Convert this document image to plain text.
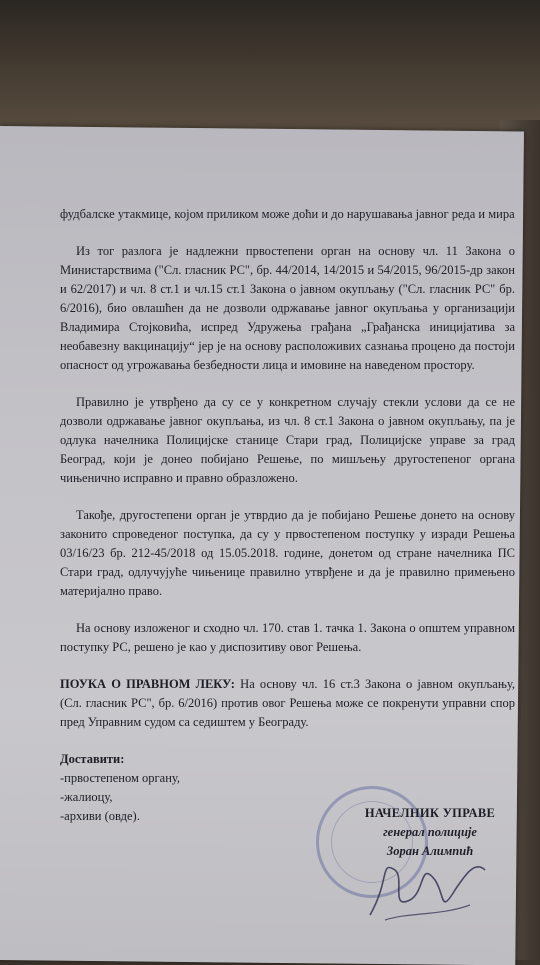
фудбалске утакмице, којом приликом може доћи и до нарушавања јавног реда и мира

Из тог разлога је надлежни првостепени орган на основу чл. 11 Закона о Министарствима ("Сл. гласник РС", бр. 44/2014, 14/2015 и 54/2015, 96/2015-др закон и 62/2017) и чл. 8 ст.1 и чл.15 ст.1 Закона о јавном окупљању ("Сл. гласник РС" бр. 6/2016), био овлашћен да не дозволи одржавање јавног окупљања у организацији Владимира Стојковића, испред Удружења грађана „Грађанска иницијатива за необавезну вакцинацију“ јер је на основу расположивих сазнања процено да постоји опасност од угрожавања безбедности лица и имовине на наведеном простору.

Правилно је утврђено да су се у конкретном случају стекли услови да се не дозволи одржавање јавног окупљања, из чл. 8 ст.1 Закона о јавном окупљању, па је одлука начелника Полицијске станице Стари град, Полицијске управе за град Београд, који је донео побијано Решење, по мишљењу другостепеног органа чињенично исправно и правно образложено.

Такође, другостепени орган је утврдио да је побијано Решење донето на основу законито спроведеног поступка, да су у првостепеном поступку у изради Решења 03/16/23 бр. 212-45/2018 од 15.05.2018. године, донетом од стране начелника ПС Стари град, одлучујуће чињенице правилно утврђене и да је правилно примењено материјално право.

На основу изложеног и сходно чл. 170. став 1. тачка 1. Закона о општем управном поступку РС, решено је као у диспозитиву овог Решења.

ПОУКА О ПРАВНОМ ЛЕКУ: На основу чл. 16 ст.3 Закона о јавном окупљању, (Сл. гласник РС", бр. 6/2016) против овог Решења може се покренути управни спор пред Управним судом са седиштем у Београду.

Доставити:
-првостепеном органу,
-жалиоцу,
-архиви (овде).	НАЧЕЛНИК УПРАВЕ
генерал полиције
Зоран Алимпић
